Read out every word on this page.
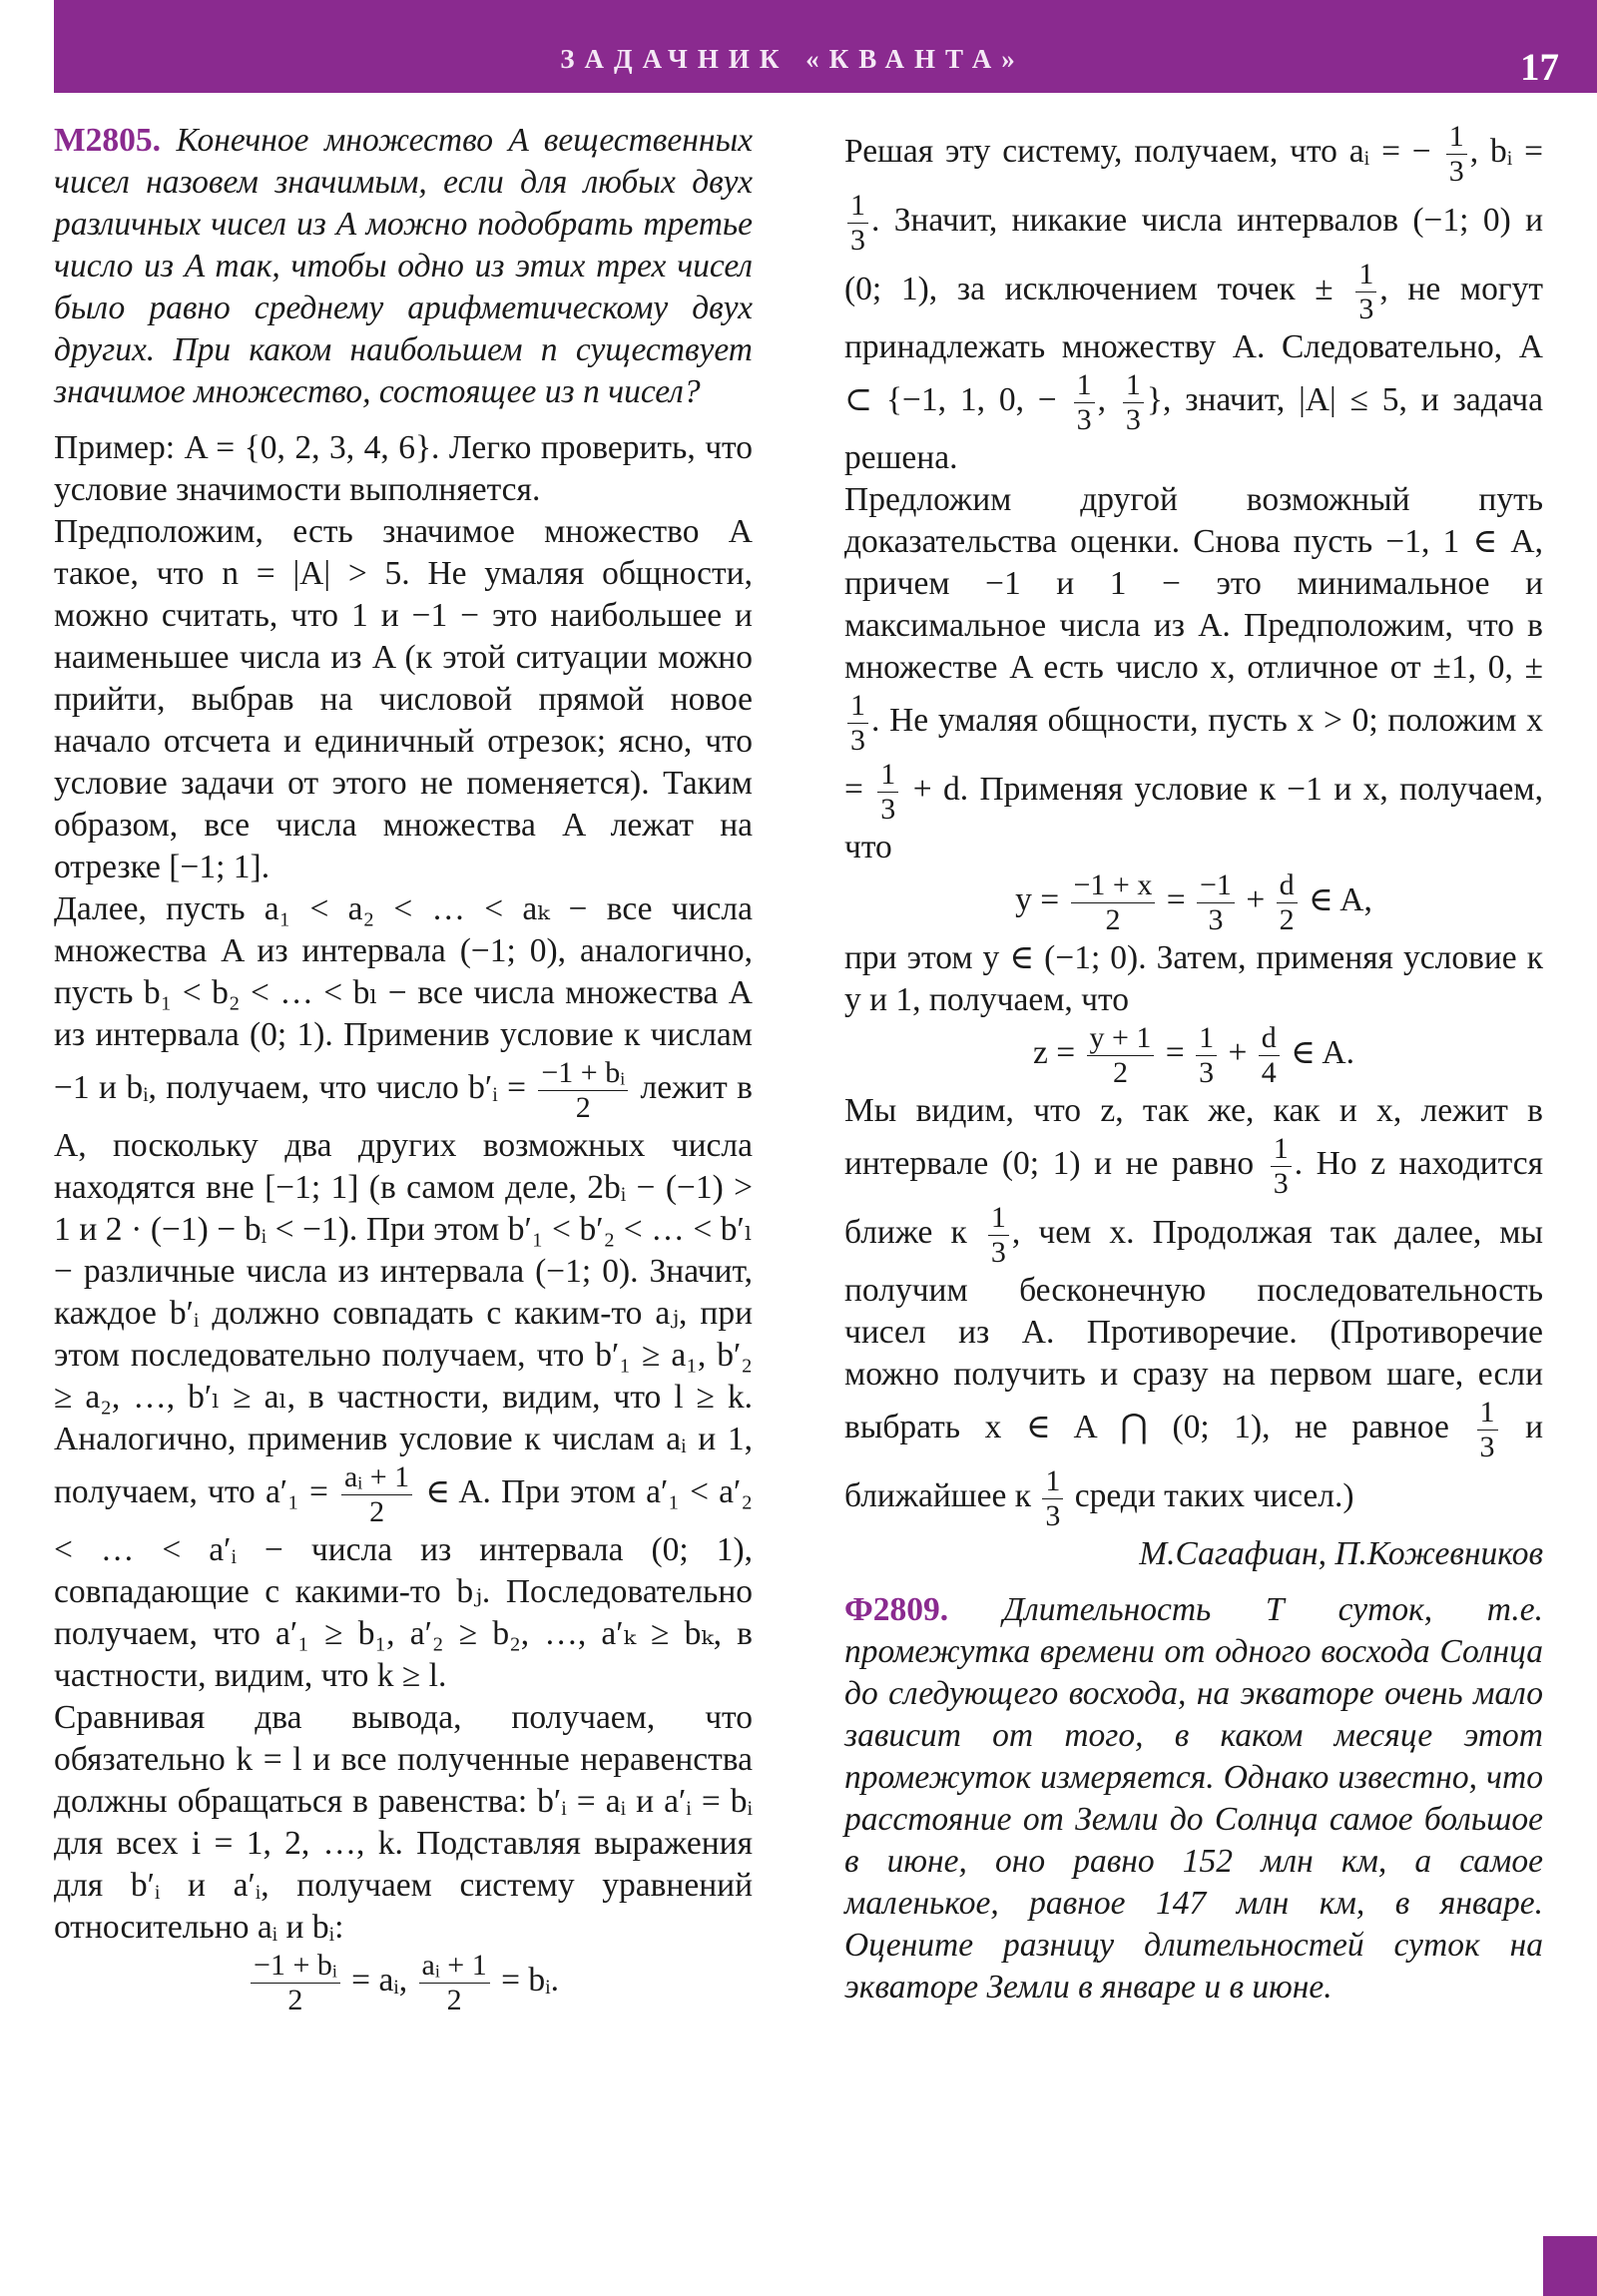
ЗАДАЧНИК «КВАНТА»	17

М2805. Конечное множество A вещественных чисел назовем значимым, если для любых двух различных чисел из A можно подобрать третье число из A так, чтобы одно из этих трех чисел было равно среднему арифметическому двух других. При каком наибольшем n существует значимое множество, состоящее из n чисел?

Пример: A = {0, 2, 3, 4, 6}. Легко проверить, что условие значимости выполняется.

Предположим, есть значимое множество A такое, что n = |A| > 5. Не умаляя общности, можно считать, что 1 и −1 − это наибольшее и наименьшее числа из A (к этой ситуации можно прийти, выбрав на числовой прямой новое начало отсчета и единичный отрезок; ясно, что условие задачи от этого не поменяется). Таким образом, все числа множества A лежат на отрезке [−1; 1].

Далее, пусть a₁ < a₂ < … < aₖ − все числа множества A из интервала (−1; 0), аналогично, пусть b₁ < b₂ < … < bₗ − все числа множества A из интервала (0; 1). Применив условие к числам −1 и bᵢ, получаем, что число b′ᵢ = $\frac{\text{−1 + bᵢ}}{2}$ лежит в A, поскольку два других возможных числа находятся вне [−1; 1] (в самом деле, 2bᵢ − (−1) > 1 и 2 · (−1) − bᵢ < −1). При этом b′₁ < b′₂ < … < b′ₗ − различные числа из интервала (−1; 0). Значит, каждое b′ᵢ должно совпадать с каким-то aⱼ, при этом последовательно получаем, что b′₁ ≥ a₁, b′₂ ≥ a₂, …, b′ₗ ≥ aₗ, в частности, видим, что l ≥ k. Аналогично, применив условие к числам aᵢ и 1, получаем, что $a'_1 = \frac{\text{aᵢ + 1}}{2}$ ∈ A. При этом a′₁ < a′₂ < … < a′ᵢ − числа из интервала (0; 1), совпадающие с какими-то bⱼ. Последовательно получаем, что a′₁ ≥ b₁, a′₂ ≥ b₂, …, a′ₖ ≥ bₖ, в частности, видим, что k ≥ l.

Сравнивая два вывода, получаем, что обязательно k = l и все полученные неравенства должны обращаться в равенства: b′ᵢ = aᵢ и a′ᵢ = bᵢ для всех i = 1, 2, …, k. Подставляя выражения для b′ᵢ и a′ᵢ, получаем систему уравнений относительно aᵢ и bᵢ:

$\frac{\text{−1 + bᵢ}}{2}$ = aᵢ, $\frac{\text{aᵢ + 1}}{2}$ = bᵢ.

Решая эту систему, получаем, что aᵢ = − $\frac{1}{3}$ , bᵢ =
$\frac{1}{3}$ . Значит, никакие числа интервалов (−1; 0) и (0; 1), за исключением точек ± $\frac{1}{3}$ , не могут принадлежать множеству A. Следовательно, A ⊂ {−1, 1, 0, − $\frac{1}{3}$ , $\frac{1}{3}$ }, значит, |A| ≤ 5, и задача решена.

Предложим другой возможный путь доказательства оценки. Снова пусть −1, 1 ∈ A, причем −1 и 1 − это минимальное и максимальное числа из A. Предположим, что в множестве A есть число x, отличное от ±1, 0, ±
$\frac{1}{3}$ . Не умаляя общности, пусть x > 0; положим $x = \frac{1}{3} + d$. Применяя условие к −1 и x, получаем, что

$y = \frac{-1 + x}{2} = \frac{-1}{3} + \frac{d}{2}$ ∈ A,

при этом y ∈ (−1; 0). Затем, применяя условие к y и 1, получаем, что

$z = \frac{y + 1}{2} = \frac{1}{3} + \frac{d}{4}$ ∈ A.

Мы видим, что z, так же, как и x, лежит в интервале (0; 1) и не равно $\frac{1}{3}$ . Но z находится ближе к $\frac{1}{3}$ , чем x. Продолжая так далее, мы получим бесконечную последовательность чисел из A. Противоречие. (Противоречие можно получить и сразу на первом шаге, если выбрать x ∈ A ⋂ (0; 1), не равное $\frac{1}{3}$ и ближайшее к $\frac{1}{3}$ среди таких чисел.)

М.Сагафиан, П.Кожевников

Ф2809. Длительность T суток, т.е. промежутка времени от одного восхода Солнца до следующего восхода, на экваторе очень мало зависит от того, в каком месяце этот промежуток измеряется. Однако известно, что расстояние от Земли до Солнца самое большое в июне, оно равно 152 млн км, а самое маленькое, равное 147 млн км, в январе. Оцените разницу длительностей суток на экваторе Земли в январе и в июне.
